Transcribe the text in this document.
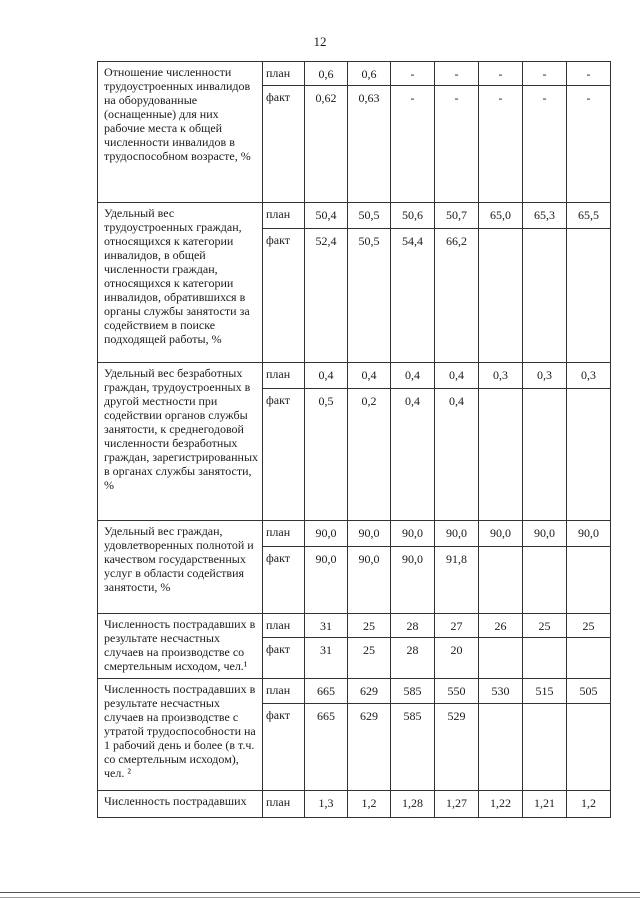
12
Отношение численности трудоустроенных инвалидов на оборудованные (оснащенные) для них рабочие места к общей численности инвалидов в трудоспособном возрасте, %	план	0,6	0,6	-	-	-	-	-
	факт	0,62	0,63	-	-	-	-	-
Удельный вес трудоустроенных граждан, относящихся к категории инвалидов, в общей численности граждан, относящихся к категории инвалидов, обратившихся в органы службы занятости за содействием в поиске подходящей работы, %	план	50,4	50,5	50,6	50,7	65,0	65,3	65,5
	факт	52,4	50,5	54,4	66,2			
Удельный вес безработных граждан, трудоустроенных в другой местности при содействии органов службы занятости, к среднегодовой численности безработных граждан, зарегистрированных в органах службы занятости, %	план	0,4	0,4	0,4	0,4	0,3	0,3	0,3
	факт	0,5	0,2	0,4	0,4			
Удельный вес граждан, удовлетворенных полнотой и качеством государственных услуг в области содействия занятости, %	план	90,0	90,0	90,0	90,0	90,0	90,0	90,0
	факт	90,0	90,0	90,0	91,8			
Численность пострадавших в результате несчастных случаев на производстве со смертельным исходом, чел.¹	план	31	25	28	27	26	25	25
	факт	31	25	28	20			
Численность пострадавших в результате несчастных случаев на производстве с утратой трудоспособности на 1 рабочий день и более (в т.ч. со смертельным исходом), чел. ²	план	665	629	585	550	530	515	505
	факт	665	629	585	529			
Численность пострадавших	план	1,3	1,2	1,28	1,27	1,22	1,21	1,2
